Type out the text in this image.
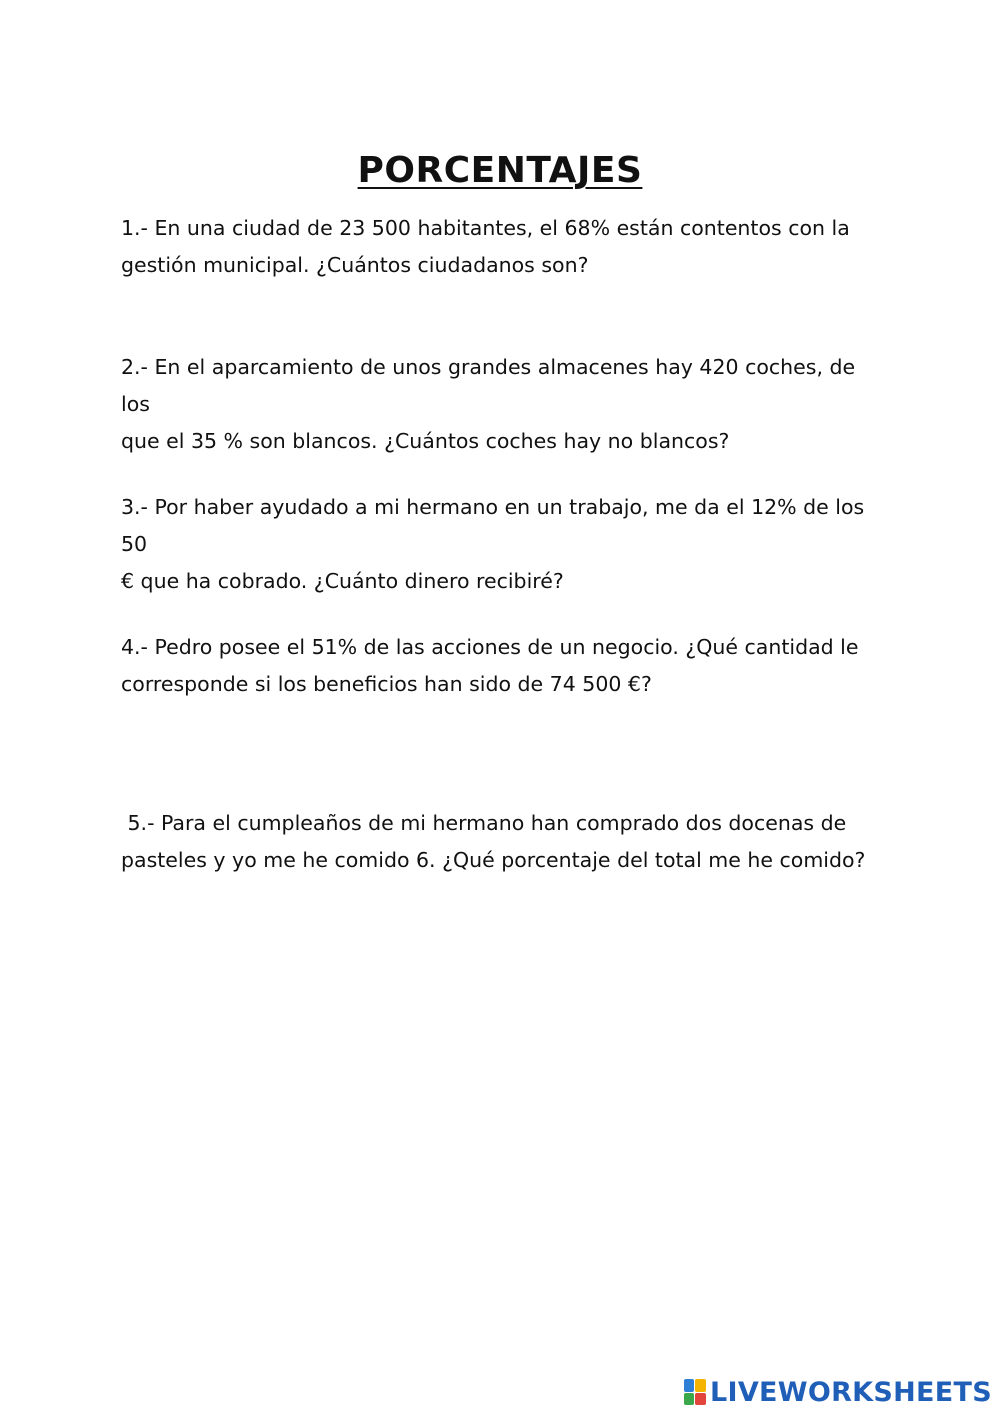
PORCENTAJES

1.- En una ciudad de 23 500 habitantes, el 68% están contentos con la
gestión municipal. ¿Cuántos ciudadanos son?

2.- En el aparcamiento de unos grandes almacenes hay 420 coches, de los
que el 35 % son blancos. ¿Cuántos coches hay no blancos?

3.- Por haber ayudado a mi hermano en un trabajo, me da el 12% de los 50
€ que ha cobrado. ¿Cuánto dinero recibiré?

4.- Pedro posee el 51% de las acciones de un negocio. ¿Qué cantidad le
corresponde si los beneficios han sido de 74 500 €?

5.- Para el cumpleaños de mi hermano han comprado dos docenas de
pasteles y yo me he comido 6. ¿Qué porcentaje del total me he comido?

LIVEWORKSHEETS
